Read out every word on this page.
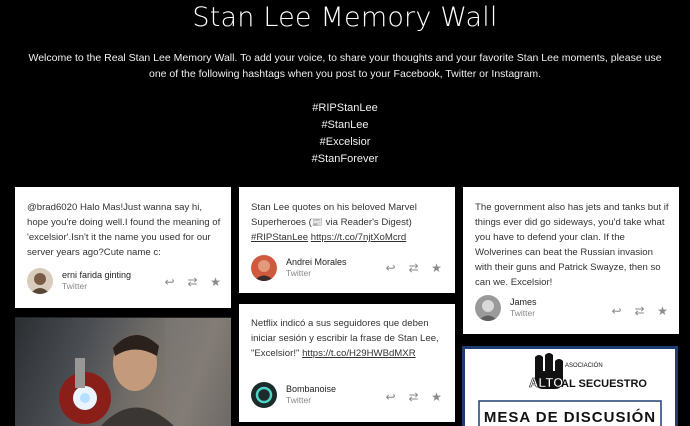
Stan Lee Memory Wall
Welcome to the Real Stan Lee Memory Wall. To add your voice, to share your thoughts and your favorite Stan Lee moments, please use one of the following hashtags when you post to your Facebook, Twitter or Instagram.
#RIPStanLee
#StanLee
#Excelsior
#StanForever
@brad6020 Halo Mas!Just wanna say hi, hope you're doing well.I found the meaning of 'excelsior'.Isn't it the name you used for our server years ago?Cute name c:
erni farida ginting
Twitter	↩ ⇄ ★
Stan Lee quotes on his beloved Marvel Superheroes (📰 via Reader's Digest) #RIPStanLee https://t.co/7njtXoMcrd
Andrei Morales
Twitter	↩ ⇄ ★
The government also has jets and tanks but if things ever did go sideways, you'd take what you have to defend your clan. If the Wolverines can beat the Russian invasion with their guns and Patrick Swayze, then so can we. Excelsior!
James
Twitter	↩ ⇄ ★
Netflix indicó a sus seguidores que deben iniciar sesión y escribir la frase de Stan Lee, "Excelsior!" https://t.co/H29HWBdMXR
Bombanoise
Twitter	↩ ⇄ ★
ASOCIACIÓN
ALTO
AL SECUESTRO
MESA DE DISCUSIÓN
